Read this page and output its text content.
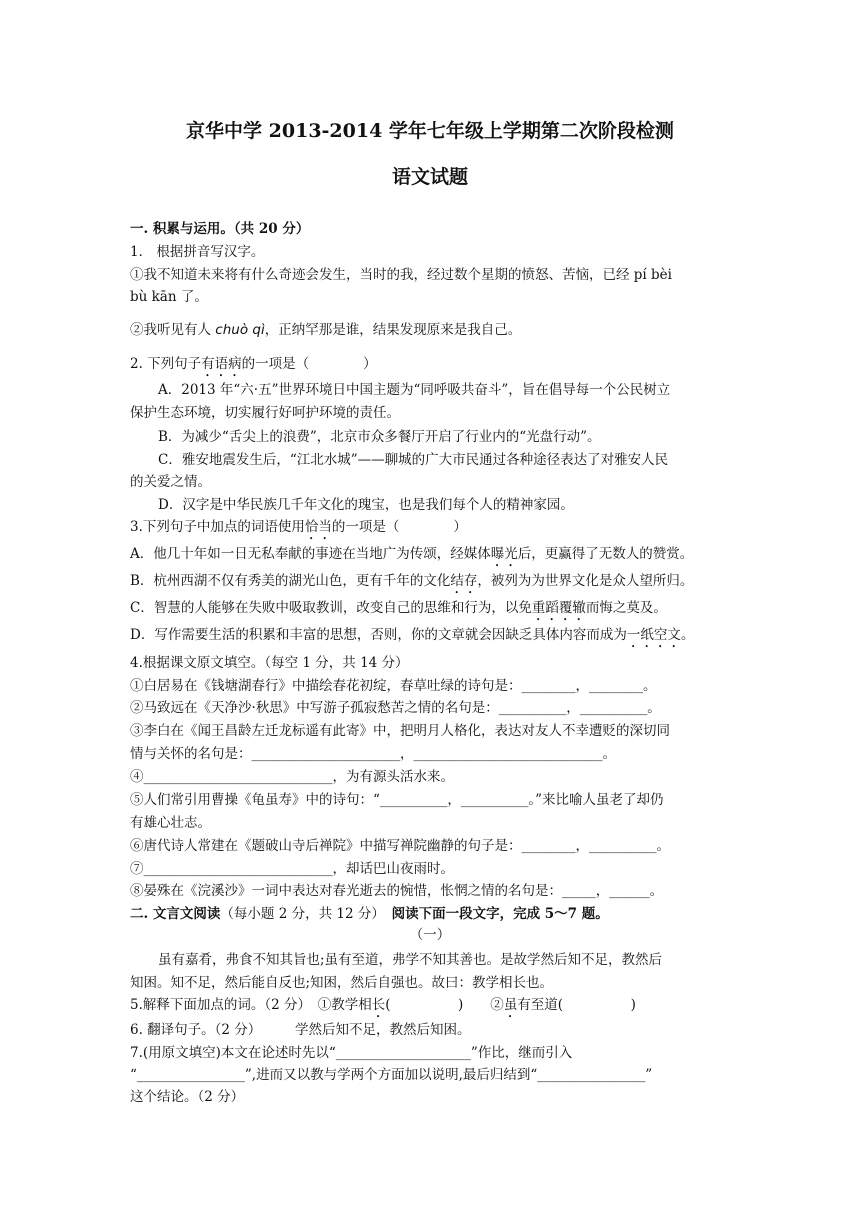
京华中学 2013-2014 学年七年级上学期第二次阶段检测
语文试题
一. 积累与运用。（共 20 分）
1． 根据拼音写汉字。
①我不知道未来将有什么奇迹会发生，当时的我，经过数个星期的愤怒、苦恼，已经 pí bèi
bù kān 了。
②我听见有人 chuò qì，正纳罕那是谁，结果发现原来是我自己。
2. 下列句子有语病的一项是（　　　　）
A．2013 年“六·五”世界环境日中国主题为“同呼吸共奋斗”，旨在倡导每一个公民树立
保护生态环境，切实履行好呵护环境的责任。
B．为减少“舌尖上的浪费”，北京市众多餐厅开启了行业内的“光盘行动”。
C．雅安地震发生后，“江北水城”——聊城的广大市民通过各种途径表达了对雅安人民
的关爱之情。
D．汉字是中华民族几千年文化的瑰宝，也是我们每个人的精神家园。
3.下列句子中加点的词语使用恰当的一项是（　　　　）
A．他几十年如一日无私奉献的事迹在当地广为传颂，经媒体曝光后，更赢得了无数人的赞赏。
B．杭州西湖不仅有秀美的湖光山色，更有千年的文化结存，被列为为世界文化是众人望所归。
C．智慧的人能够在失败中吸取教训，改变自己的思维和行为，以免重蹈覆辙而悔之莫及。
D．写作需要生活的积累和丰富的思想，否则，你的文章就会因缺乏具体内容而成为一纸空文。
4.根据课文原文填空。（每空 1 分，共 14 分）
①白居易在《钱塘湖春行》中描绘春花初绽，春草吐绿的诗句是：________，________。
②马致远在《天净沙·秋思》中写游子孤寂愁苦之情的名句是：__________，__________。
③李白在《闻王昌龄左迁龙标遥有此寄》中，把明月人格化，表达对友人不幸遭贬的深切同
情与关怀的名句是：______________________，____________________________。
④____________________________，为有源头活水来。
⑤人们常引用曹操《龟虽寿》中的诗句：“__________，__________。”来比喻人虽老了却仍
有雄心壮志。
⑥唐代诗人常建在《题破山寺后禅院》中描写禅院幽静的句子是：________，__________。
⑦____________________________，却话巴山夜雨时。
⑧晏殊在《浣溪沙》一词中表达对春光逝去的惋惜，怅惘之情的名句是：_____，______。
二. 文言文阅读（每小题 2 分，共 12 分）　 阅读下面一段文字，完成 5～7 题。
（一）
虽有嘉肴，弗食不知其旨也;虽有至道，弗学不知其善也。是故学然后知不足，教然后
知困。知不足，然后能自反也;知困，然后自强也。故曰：教学相长也。
5.解释下面加点的词。（2 分）　①教学相长(　　　　　)　　②虽有至道(　　　　　)
6. 翻译句子。（2 分）　　　学然后知不足，教然后知困。
7.(用原文填空)本文在论述时先以“____________________”作比，继而引入
“________________”,进而又以教与学两个方面加以说明,最后归结到“________________”
这个结论。（2 分）
